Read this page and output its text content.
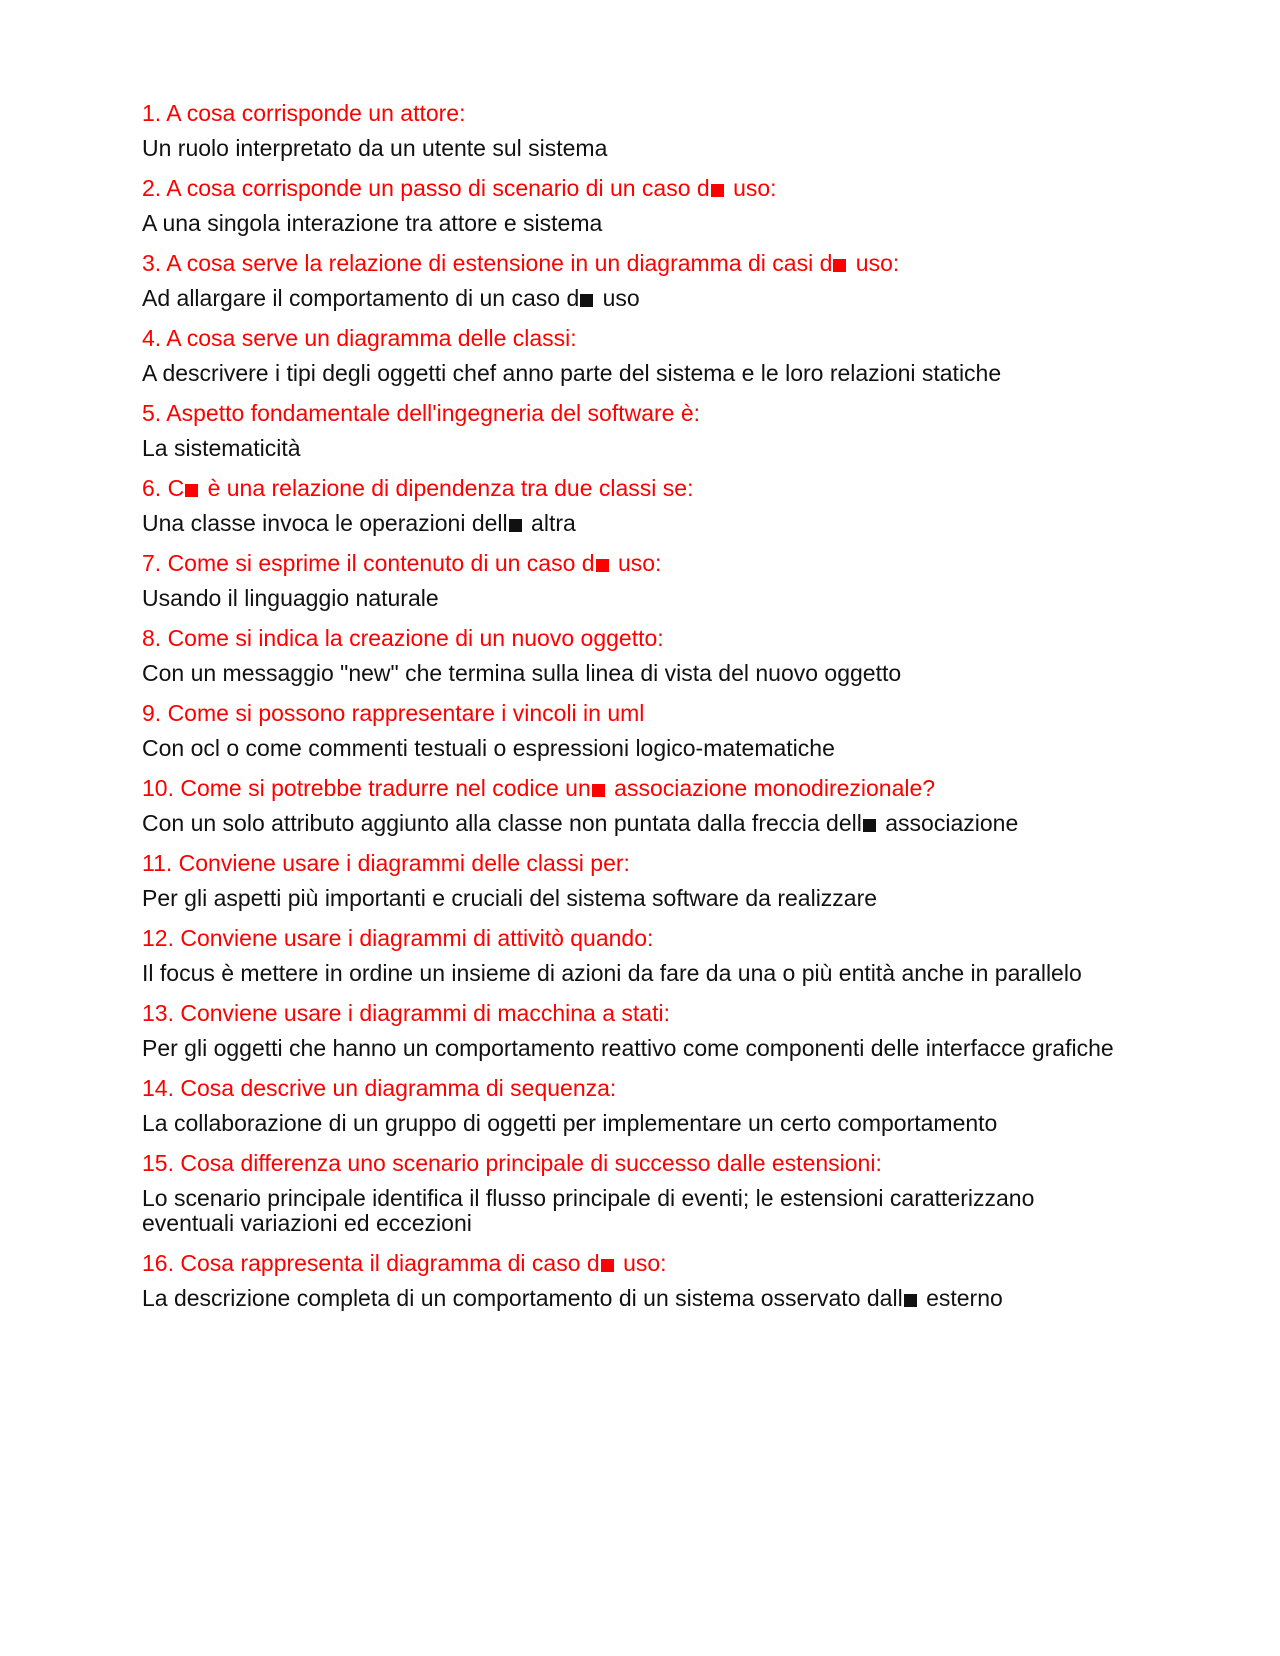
1. A cosa corrisponde un attore:
Un ruolo interpretato da un utente sul sistema
2. A cosa corrisponde un passo di scenario di un caso d uso:
A una singola interazione tra attore e sistema
3. A cosa serve la relazione di estensione in un diagramma di casi d uso:
Ad allargare il comportamento di un caso d uso
4. A cosa serve un diagramma delle classi:
A descrivere i tipi degli oggetti chef anno parte del sistema e le loro relazioni statiche
5. Aspetto fondamentale dell'ingegneria del software è:
La sistematicità
6. C è una relazione di dipendenza tra due classi se:
Una classe invoca le operazioni dell altra
7. Come si esprime il contenuto di un caso d uso:
Usando il linguaggio naturale
8. Come si indica la creazione di un nuovo oggetto:
Con un messaggio "new" che termina sulla linea di vista del nuovo oggetto
9. Come si possono rappresentare i vincoli in uml
Con ocl o come commenti testuali o espressioni logico-matematiche
10. Come si potrebbe tradurre nel codice un associazione monodirezionale?
Con un solo attributo aggiunto alla classe non puntata dalla freccia dell associazione
11. Conviene usare i diagrammi delle classi per:
Per gli aspetti più importanti e cruciali del sistema software da realizzare
12. Conviene usare i diagrammi di attivitò quando:
Il focus è mettere in ordine un insieme di azioni da fare da una o più entità anche in parallelo
13. Conviene usare i diagrammi di macchina a stati:
Per gli oggetti che hanno un comportamento reattivo come componenti delle interfacce grafiche
14. Cosa descrive un diagramma di sequenza:
La collaborazione di un gruppo di oggetti per implementare un certo comportamento
15. Cosa differenza uno scenario principale di successo dalle estensioni:
Lo scenario principale identifica il flusso principale di eventi; le estensioni caratterizzano eventuali variazioni ed eccezioni
16. Cosa rappresenta il diagramma di caso d uso:
La descrizione completa di un comportamento di un sistema osservato dall esterno
